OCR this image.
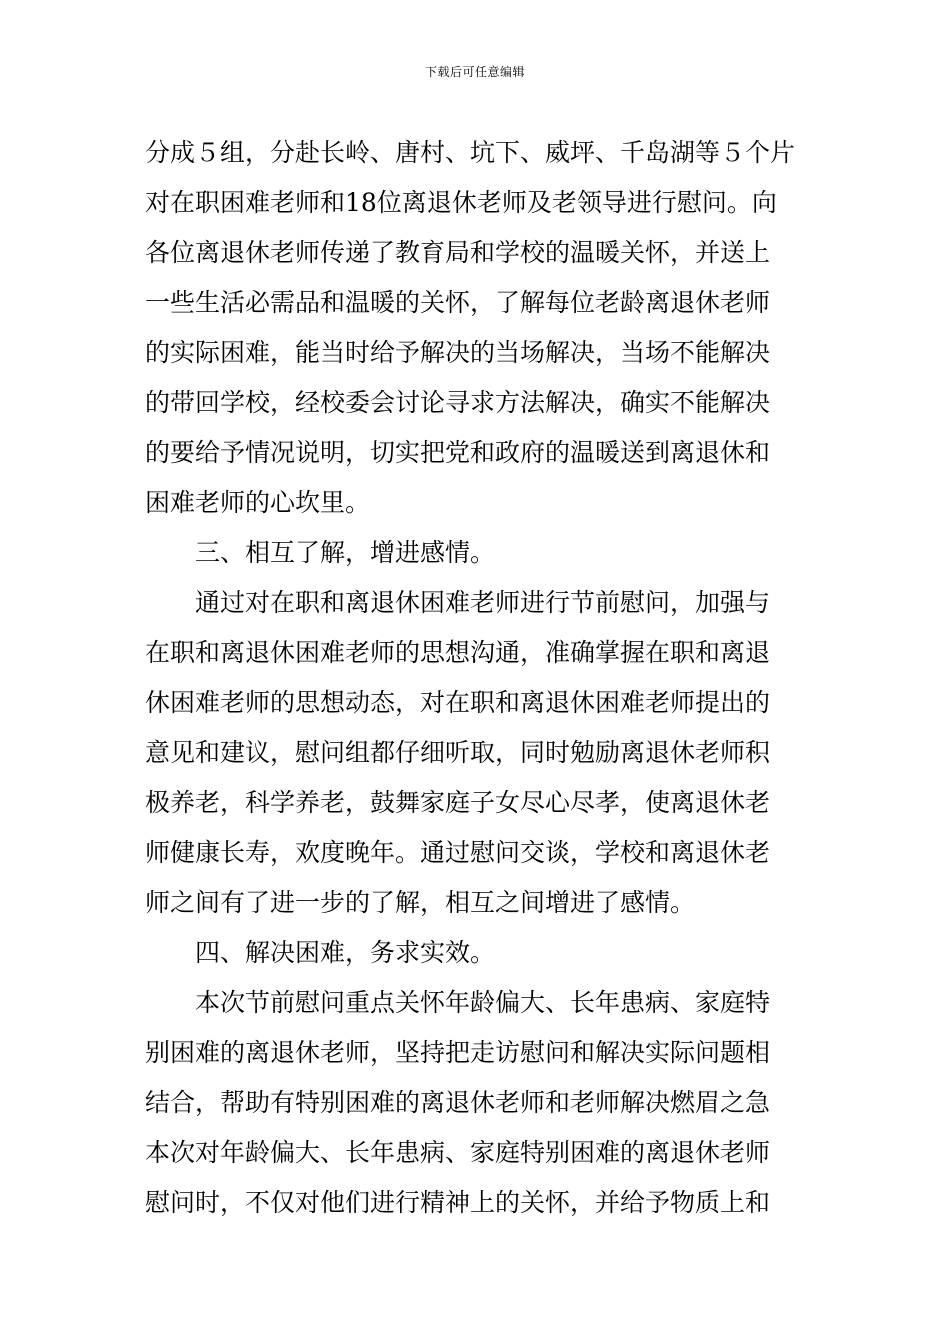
下载后可任意编辑
分成５组，分赴长岭、唐村、坑下、威坪、千岛湖等５个片
对在职困难老师和18位离退休老师及老领导进行慰问。向
各位离退休老师传递了教育局和学校的温暖关怀，并送上
一些生活必需品和温暖的关怀，了解每位老龄离退休老师
的实际困难，能当时给予解决的当场解决，当场不能解决
的带回学校，经校委会讨论寻求方法解决，确实不能解决
的要给予情况说明，切实把党和政府的温暖送到离退休和
困难老师的心坎里。
三、相互了解，增进感情。
通过对在职和离退休困难老师进行节前慰问，加强与
在职和离退休困难老师的思想沟通，准确掌握在职和离退
休困难老师的思想动态，对在职和离退休困难老师提出的
意见和建议，慰问组都仔细听取，同时勉励离退休老师积
极养老，科学养老，鼓舞家庭子女尽心尽孝，使离退休老
师健康长寿，欢度晚年。通过慰问交谈，学校和离退休老
师之间有了进一步的了解，相互之间增进了感情。
四、解决困难，务求实效。
本次节前慰问重点关怀年龄偏大、长年患病、家庭特
别困难的离退休老师，坚持把走访慰问和解决实际问题相
结合，帮助有特别困难的离退休老师和老师解决燃眉之急
本次对年龄偏大、长年患病、家庭特别困难的离退休老师
慰问时，不仅对他们进行精神上的关怀，并给予物质上和
